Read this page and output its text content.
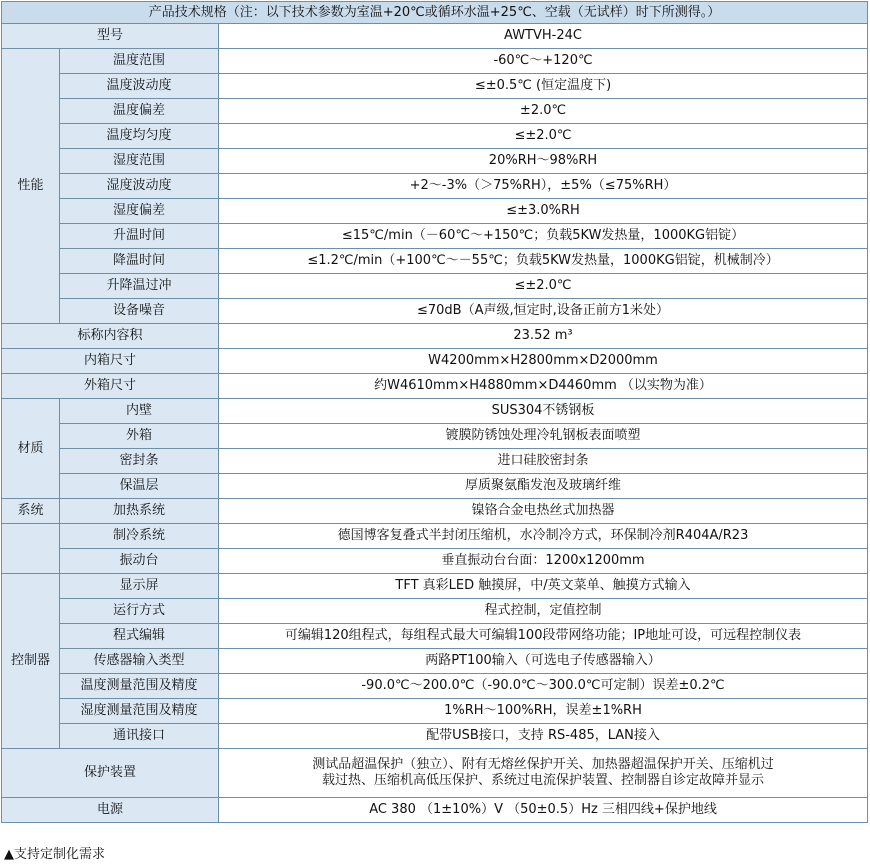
产品技术规格（注：以下技术参数为室温+20℃或循环水温+25℃、空载（无试样）时下所测得。）		
型号		AWTVH-24C
性能	温度范围	-60℃～+120℃
	温度波动度	≤±0.5℃ (恒定温度下)
	温度偏差	±2.0℃
	温度均匀度	≤±2.0℃
	湿度范围	20%RH～98%RH
	湿度波动度	+2～-3%（＞75%RH），±5%（≤75%RH）
	湿度偏差	≤±3.0%RH
	升温时间	≤15℃/min（－60℃～+150℃；负载5KW发热量，1000KG铝锭）
	降温时间	≤1.2℃/min（+100℃～－55℃；负载5KW发热量，1000KG铝锭，机械制冷）
	升降温过冲	≤±2.0℃
	设备噪音	≤70dB（A声级,恒定时,设备正前方1米处）
标称内容积		23.52 m³
内箱尺寸		W4200mm×H2800mm×D2000mm
外箱尺寸		约W4610mm×H4880mm×D4460mm （以实物为准）
材质	内壁	SUS304不锈钢板
	外箱	镀膜防锈蚀处理冷轧钢板表面喷塑
	密封条	进口硅胶密封条
	保温层	厚质聚氨酯发泡及玻璃纤维
系统	加热系统	镍铬合金电热丝式加热器
	制冷系统	德国博客复叠式半封闭压缩机，水冷制冷方式，环保制冷剂R404A/R23
	振动台	垂直振动台台面：1200x1200mm
控制器	显示屏	TFT 真彩LED 触摸屏，中/英文菜单、触摸方式输入
	运行方式	程式控制，定值控制
	程式编辑	可编辑120组程式，每组程式最大可编辑100段带网络功能；IP地址可设，可远程控制仪表
	传感器输入类型	两路PT100输入（可选电子传感器输入）
	温度测量范围及精度	-90.0℃～200.0℃（-90.0℃～300.0℃可定制）误差±0.2℃
	湿度测量范围及精度	1%RH～100%RH，误差±1%RH
	通讯接口	配带USB接口，支持 RS-485，LAN接入
保护装置		测试品超温保护（独立）、附有无熔丝保护开关、加热器超温保护开关、压缩机过
载过热、压缩机高低压保护、系统过电流保护装置、控制器自诊定故障并显示

电源		AC 380 （1±10%）V （50±0.5）Hz 三相四线+保护地线
▲支持定制化需求
